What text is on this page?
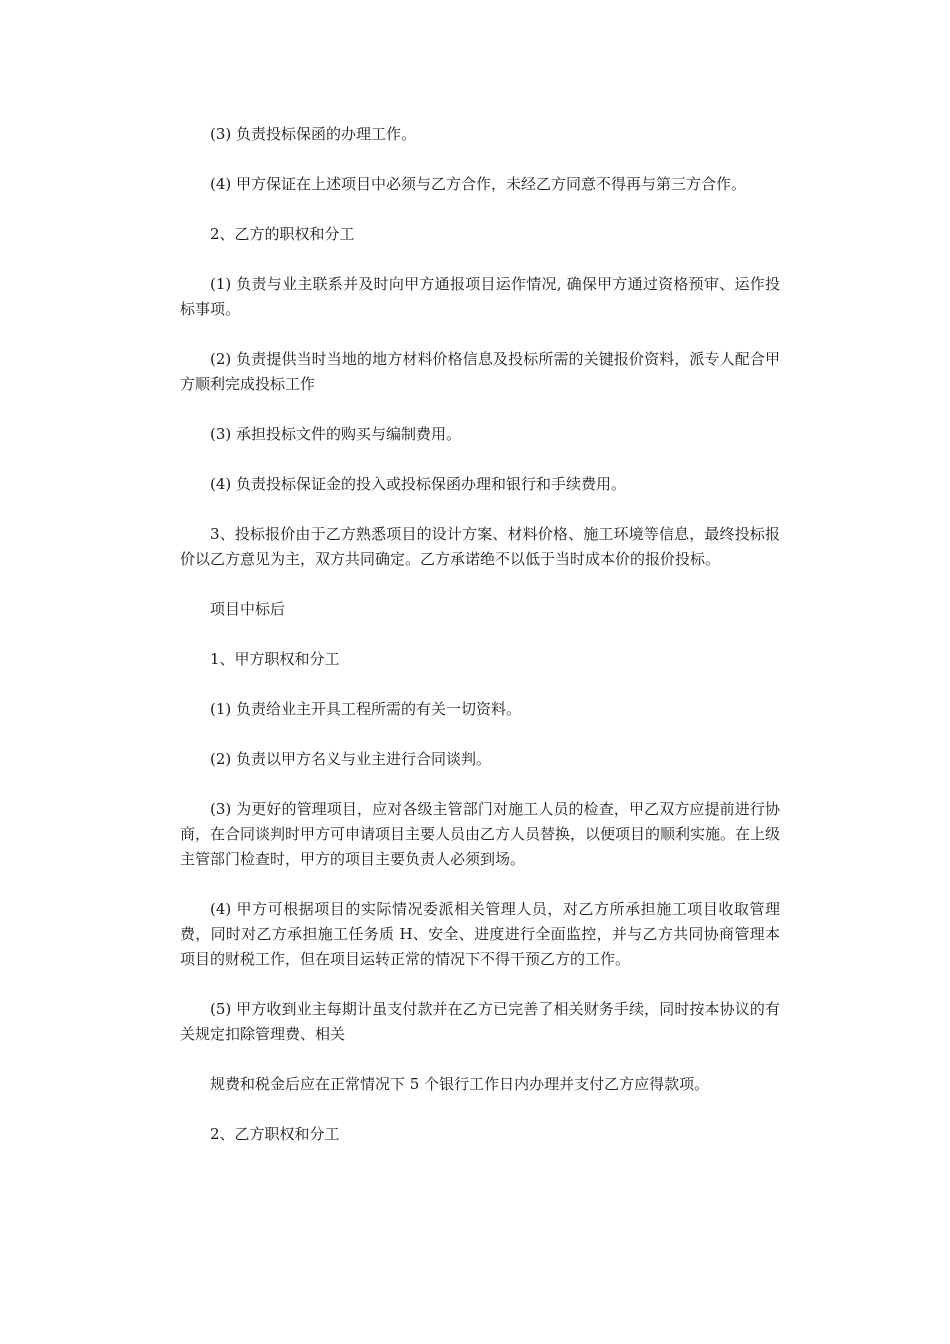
(3) 负责投标保函的办理工作。

(4) 甲方保证在上述项目中必须与乙方合作，未经乙方同意不得再与第三方合作。

2、乙方的职权和分工

(1) 负责与业主联系并及时向甲方通报项目运作情况, 确保甲方通过资格预审、运作投标事项。

(2) 负责提供当时当地的地方材料价格信息及投标所需的关键报价资料，派专人配合甲方顺利完成投标工作

(3) 承担投标文件的购买与编制费用。

(4) 负责投标保证金的投入或投标保函办理和银行和手续费用。

3、投标报价由于乙方熟悉项目的设计方案、材料价格、施工环境等信息，最终投标报价以乙方意见为主，双方共同确定。乙方承诺绝不以低于当时成本价的报价投标。

项目中标后

1、甲方职权和分工

(1) 负责给业主开具工程所需的有关一切资料。

(2) 负责以甲方名义与业主进行合同谈判。

(3) 为更好的管理项目，应对各级主管部门对施工人员的检查，甲乙双方应提前进行协商，在合同谈判时甲方可申请项目主要人员由乙方人员替换，以便项目的顺利实施。在上级主管部门检查时，甲方的项目主要负责人必须到场。

(4) 甲方可根据项目的实际情况委派相关管理人员，对乙方所承担施工项目收取管理费，同时对乙方承担施工任务质 H、安全、进度进行全面监控，并与乙方共同协商管理本项目的财税工作，但在项目运转正常的情况下不得干预乙方的工作。

(5) 甲方收到业主每期计虽支付款并在乙方已完善了相关财务手续，同时按本协议的有关规定扣除管理费、相关

规费和税金后应在正常情况下 5 个银行工作日内办理并支付乙方应得款项。

2、乙方职权和分工
